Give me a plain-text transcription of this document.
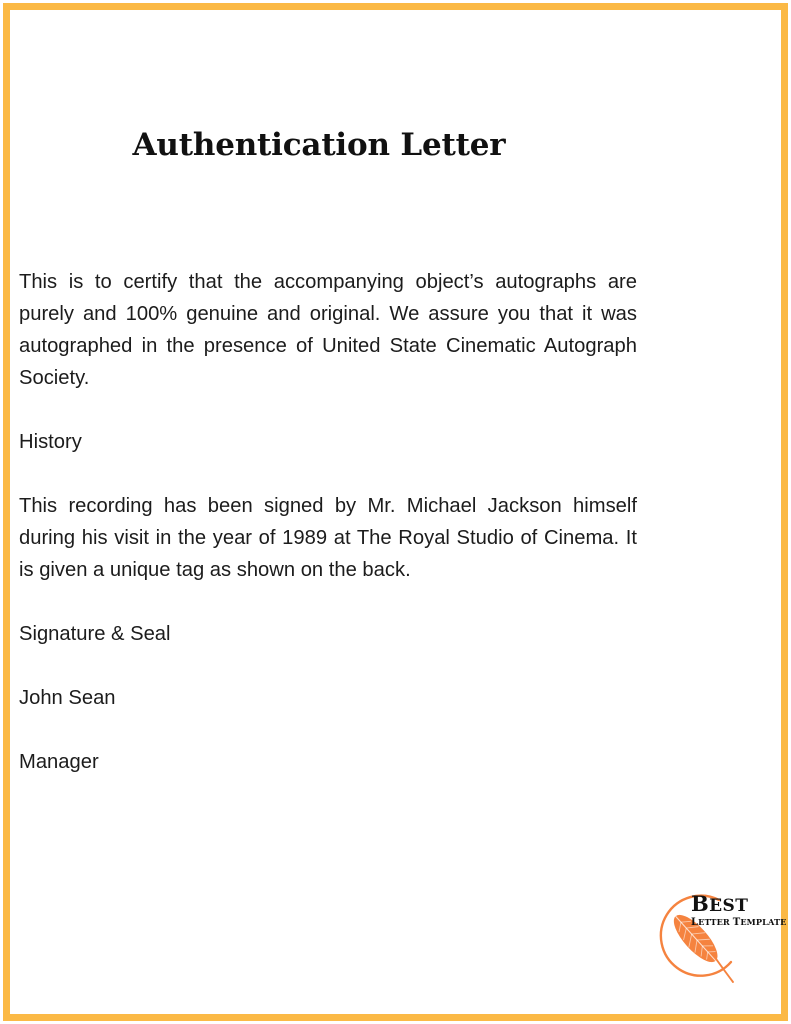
Authentication Letter

This is to certify that the accompanying object’s autographs are purely and 100% genuine and original. We assure you that it was autographed in the presence of United State Cinematic Autograph Society.

History

This recording has been signed by Mr. Michael Jackson himself during his visit in the year of 1989 at The Royal Studio of Cinema. It is given a unique tag as shown on the back.

Signature & Seal

John Sean

Manager

BEST
LETTER TEMPLATE
